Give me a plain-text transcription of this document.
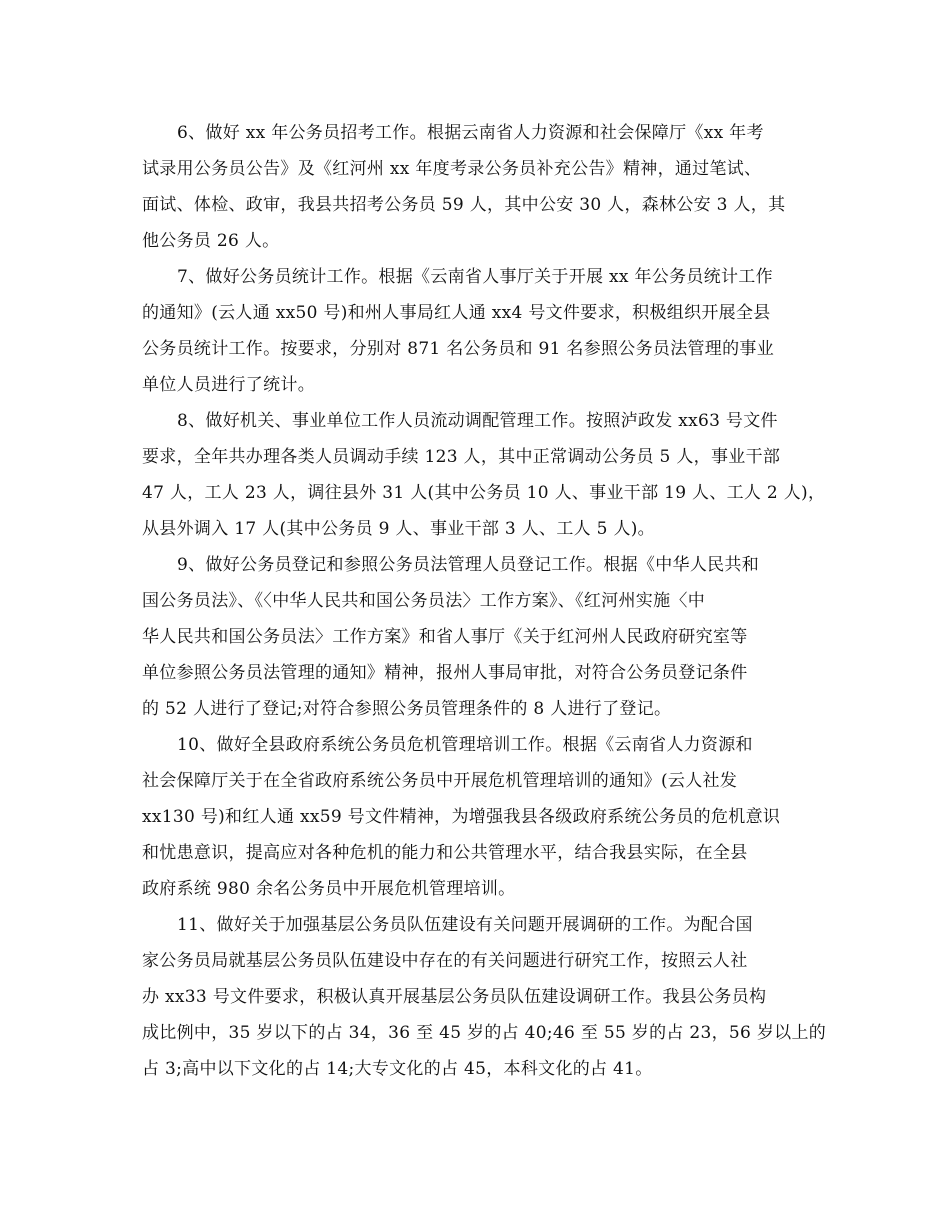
6、做好 xx 年公务员招考工作。根据云南省人力资源和社会保障厅《xx 年考

试录用公务员公告》及《红河州 xx 年度考录公务员补充公告》精神，通过笔试、

面试、体检、政审，我县共招考公务员 59 人，其中公安 30 人，森林公安 3 人，其

他公务员 26 人。

7、做好公务员统计工作。根据《云南省人事厅关于开展 xx 年公务员统计工作

的通知》(云人通 xx50 号)和州人事局红人通 xx4 号文件要求，积极组织开展全县

公务员统计工作。按要求，分别对 871 名公务员和 91 名参照公务员法管理的事业

单位人员进行了统计。

8、做好机关、事业单位工作人员流动调配管理工作。按照泸政发 xx63 号文件

要求，全年共办理各类人员调动手续 123 人，其中正常调动公务员 5 人，事业干部

47 人，工人 23 人，调往县外 31 人(其中公务员 10 人、事业干部 19 人、工人 2 人)，

从县外调入 17 人(其中公务员 9 人、事业干部 3 人、工人 5 人)。

9、做好公务员登记和参照公务员法管理人员登记工作。根据《中华人民共和

国公务员法》、《〈中华人民共和国公务员法〉工作方案》、《红河州实施〈中

华人民共和国公务员法〉工作方案》和省人事厅《关于红河州人民政府研究室等

单位参照公务员法管理的通知》精神，报州人事局审批，对符合公务员登记条件

的 52 人进行了登记;对符合参照公务员管理条件的 8 人进行了登记。

10、做好全县政府系统公务员危机管理培训工作。根据《云南省人力资源和

社会保障厅关于在全省政府系统公务员中开展危机管理培训的通知》(云人社发

xx130 号)和红人通 xx59 号文件精神，为增强我县各级政府系统公务员的危机意识

和忧患意识，提高应对各种危机的能力和公共管理水平，结合我县实际，在全县

政府系统 980 余名公务员中开展危机管理培训。

11、做好关于加强基层公务员队伍建设有关问题开展调研的工作。为配合国

家公务员局就基层公务员队伍建设中存在的有关问题进行研究工作，按照云人社

办 xx33 号文件要求，积极认真开展基层公务员队伍建设调研工作。我县公务员构

成比例中，35 岁以下的占 34，36 至 45 岁的占 40;46 至 55 岁的占 23，56 岁以上的

占 3;高中以下文化的占 14;大专文化的占 45，本科文化的占 41。
